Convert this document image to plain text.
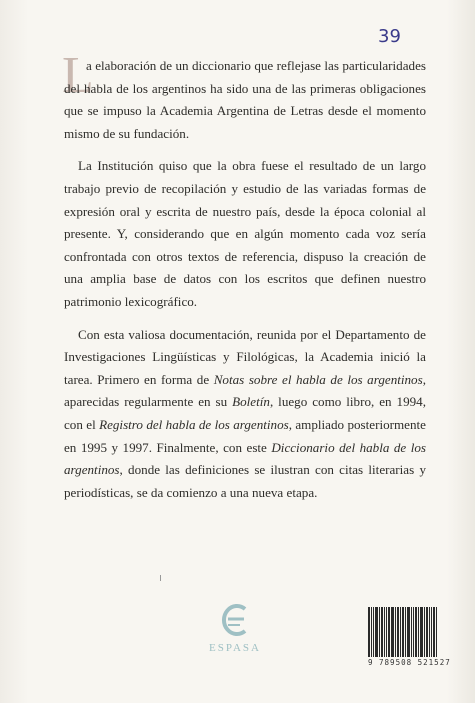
39
L

a elaboración de un diccionario que reflejase las particularidades del habla de los argentinos ha sido una de las primeras obligaciones que se impuso la Academia Argentina de Letras desde el momento mismo de su fundación.

La Institución quiso que la obra fuese el resultado de un largo trabajo previo de recopilación y estudio de las variadas formas de expresión oral y escrita de nuestro país, desde la época colonial al presente. Y, considerando que en algún momento cada voz sería confrontada con otros textos de referencia, dispuso la creación de una amplia base de datos con los escritos que definen nuestro patrimonio lexicográfico.

Con esta valiosa documentación, reunida por el Departamento de Investigaciones Lingüísticas y Filológicas, la Academia inició la tarea. Primero en forma de Notas sobre el habla de los argentinos, aparecidas regularmente en su Boletín, luego como libro, en 1994, con el Registro del habla de los argentinos, ampliado posteriormente en 1995 y 1997. Finalmente, con este Diccionario del habla de los argentinos, donde las definiciones se ilustran con citas literarias y periodísticas, se da comienzo a una nueva etapa.

ESPASA
9 789508 521527
